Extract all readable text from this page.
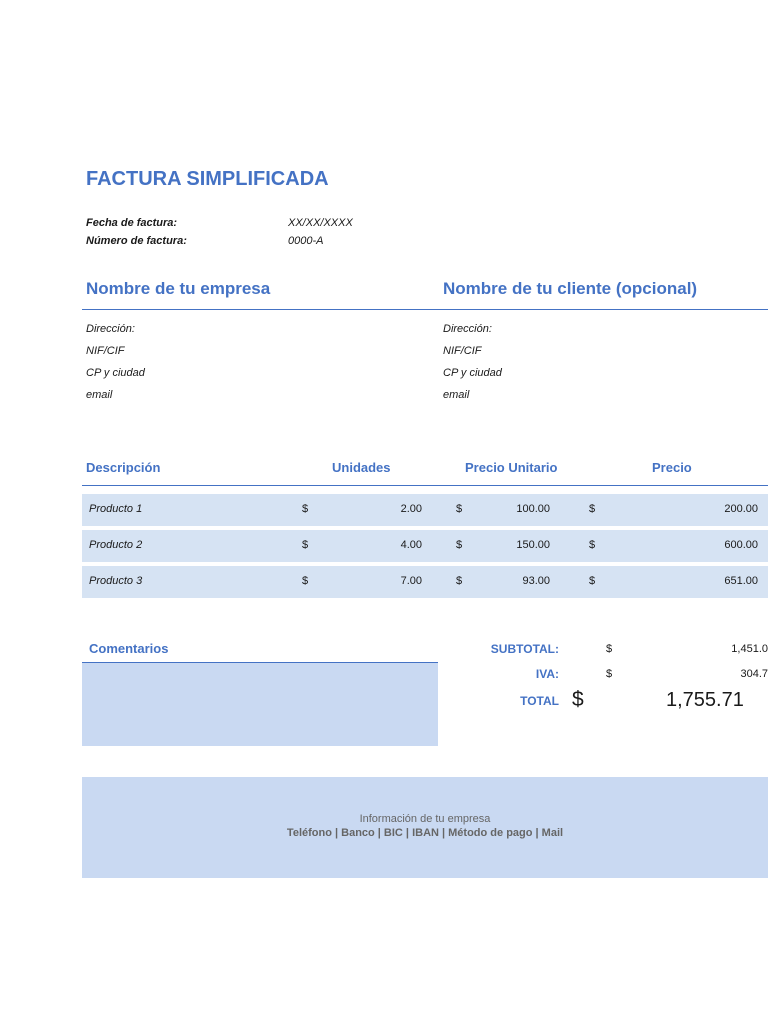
FACTURA SIMPLIFICADA
Fecha de factura:	XX/XX/XXXX
Número de factura:	0000-A
Nombre de tu empresa	Nombre de tu cliente (opcional)
Dirección:
NIF/CIF
CP y ciudad
email
Dirección:
NIF/CIF
CP y ciudad
email
Descripción	Unidades	Precio Unitario	Precio
Producto 1	$	2.00	$	100.00	$	200.00
Producto 2	$	4.00	$	150.00	$	600.00
Producto 3	$	7.00	$	93.00	$	651.00
Comentarios	SUBTOTAL:	$	1,451.0
IVA:	$	304.7
TOTAL $	1,755.71
Información de tu empresa
Teléfono | Banco | BIC | IBAN | Método de pago | Mail
